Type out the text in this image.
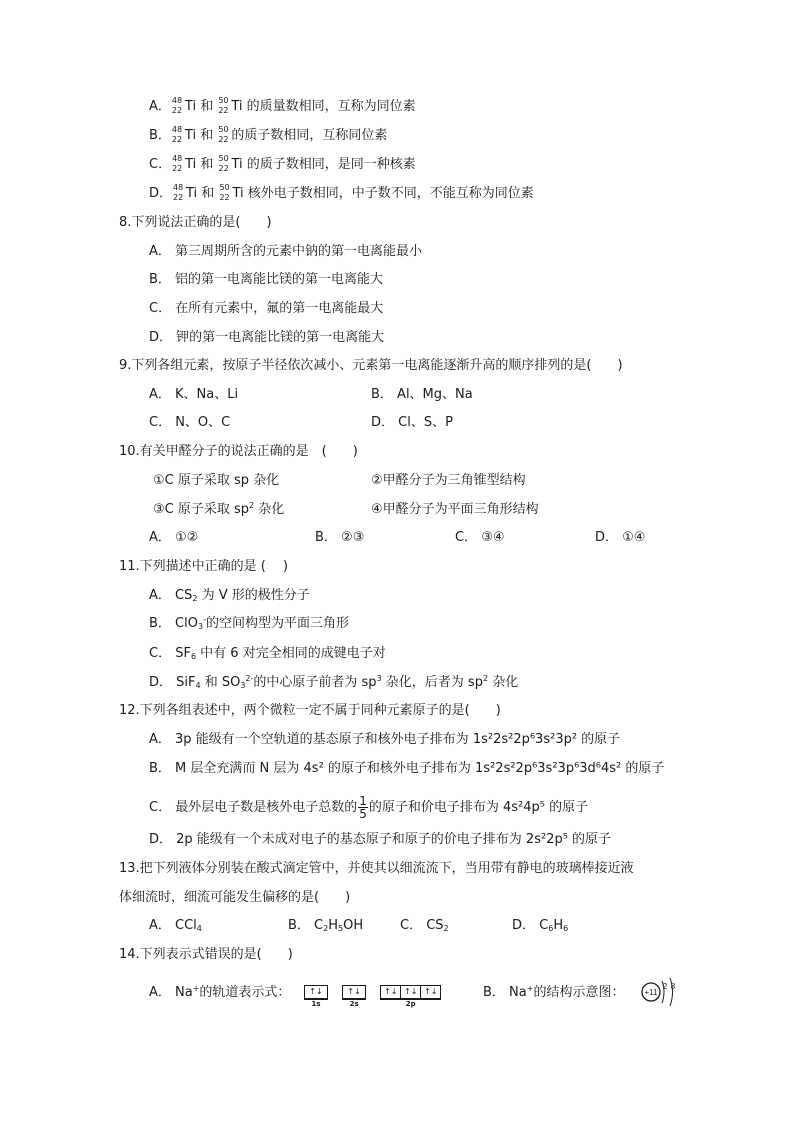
A． 48
22 Ti 和 50
22 Ti 的质量数相同，互称为同位素
B． 48
22 Ti 和 50
22 的质子数相同，互称同位素
C． 48
22 Ti 和 50
22 Ti 的质子数相同，是同一种核素
D． 48
22 Ti 和 50
22 Ti 核外电子数相同，中子数不同，不能互称为同位素
8.下列说法正确的是(　　)
A． 第三周期所含的元素中钠的第一电离能最小
B． 铝的第一电离能比镁的第一电离能大
C． 在所有元素中，氟的第一电离能最大
D． 钾的第一电离能比镁的第一电离能大
9.下列各组元素，按原子半径依次减小、元素第一电离能逐渐升高的顺序排列的是(　　)
A． K、Na、Li	B． Al、Mg、Na
C． N、O、C	D． Cl、S、P
10.有关甲醛分子的说法正确的是　(　　)
①C 原子采取 sp 杂化	②甲醛分子为三角锥型结构
③C 原子采取 $sp^2$ 杂化	④甲醛分子为平面三角形结构
A． ①②	B． ②③	C． ③④	D． ①④
11.下列描述中正确的是 (　 )
A． $CS_2$ 为 V 形的极性分子
B． ClO$_3$-的空间构型为平面三角形
C． $SF_6$ 中有 6 对完全相同的成键电子对
D． SiF$_4$ 和 $SO_3^{2-}$的中心原子前者为 $sp^3$ 杂化，后者为 $sp^2$ 杂化
12.下列各组表述中，两个微粒一定不属于同种元素原子的是(　　)
A． 3p 能级有一个空轨道的基态原子和核外电子排布为 1s²2s²2p⁶3s²3p² 的原子
B． M 层全充满而 N 层为 4s² 的原子和核外电子排布为 1s²2s²2p⁶3s²3p⁶3d⁶4s² 的原子
C． 最外层电子数是核外电子总数的 $\frac{1}{5}$ 的原子和价电子排布为 4s²4p⁵ 的原子
D． 2p 能级有一个未成对电子的基态原子和原子的价电子排布为 2s²2p⁵ 的原子
13.把下列液体分别装在酸式滴定管中，并使其以细流流下，当用带有静电的玻璃棒接近液
体细流时，细流可能发生偏移的是(　　)
A． CCl$_4$	B． $C_2H_5OH$	C． $CS_2$	D． $C_6H_6$
14.下列表示式错误的是(　　)
A． Na+的轨道表示式：	↑↓
1s
↑↓
2s
↑↓ ↑↓ ↑↓
2p
B． Na+的结构示意图：	+11
2 8
